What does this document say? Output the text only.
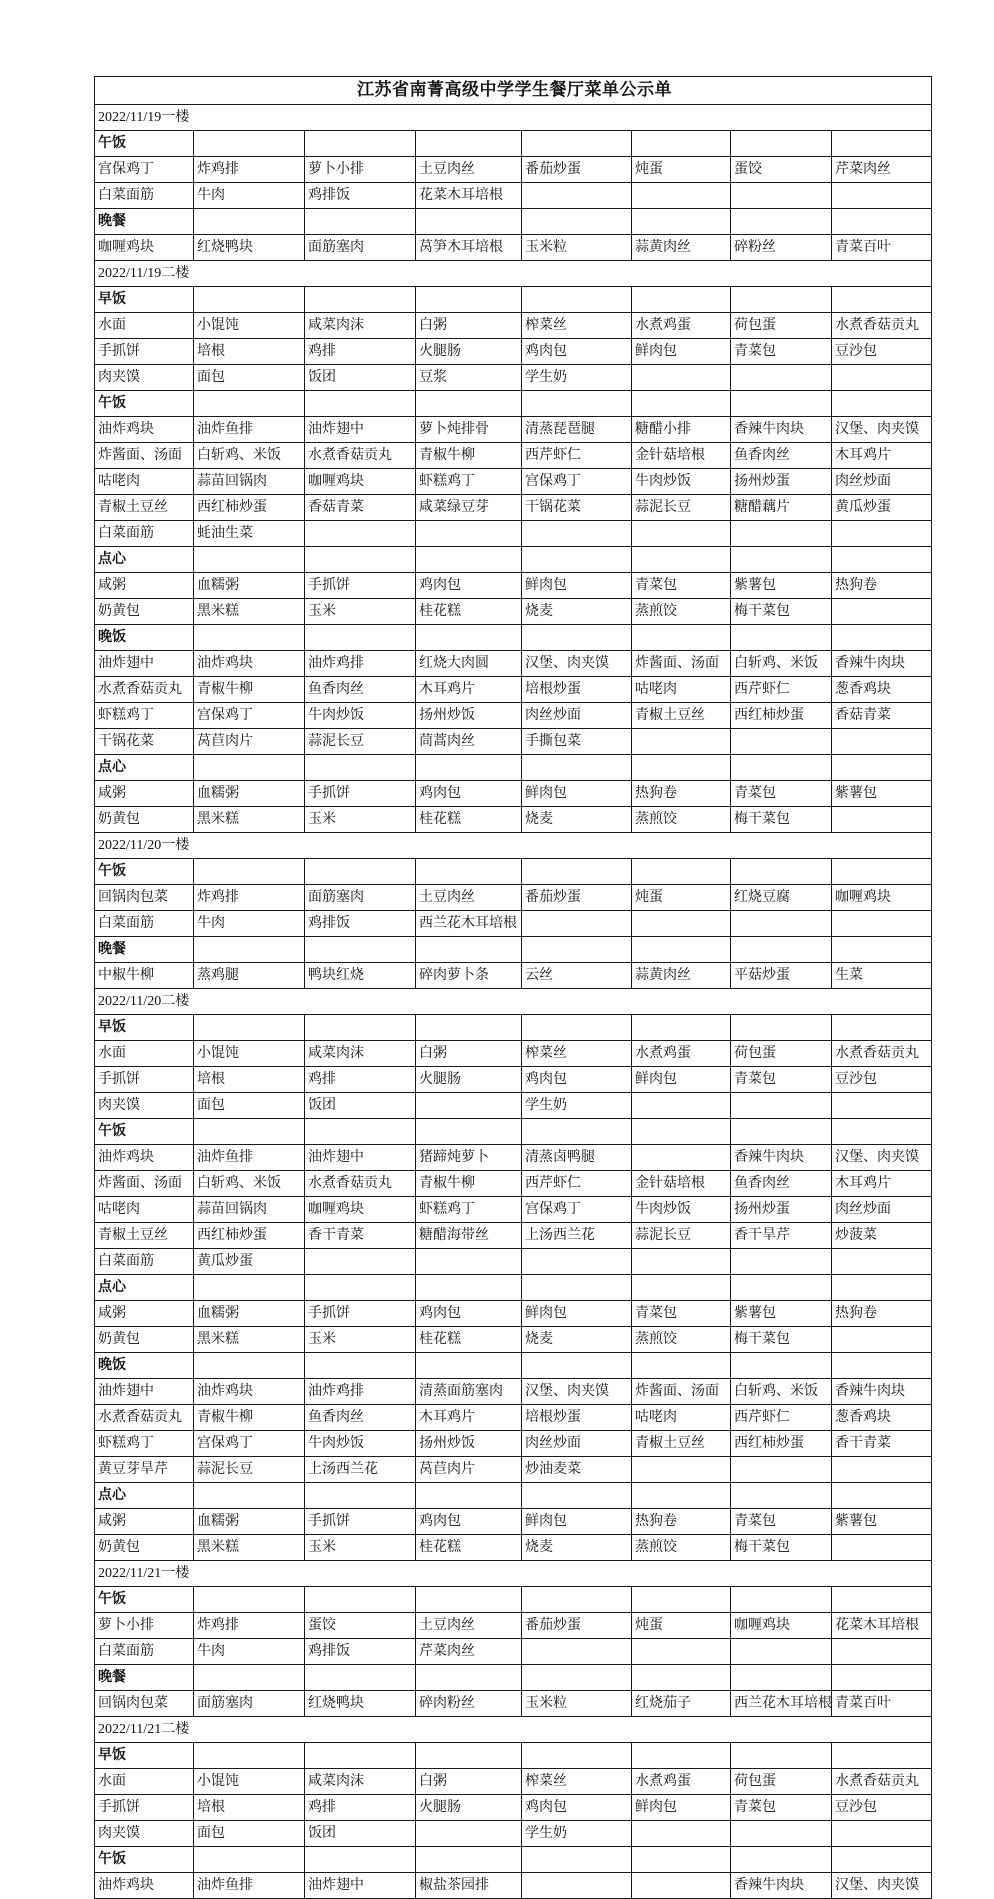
江苏省南菁高级中学学生餐厅菜单公示单							
2022/11/19一楼							
午饭							
宫保鸡丁	炸鸡排	萝卜小排	土豆肉丝	番茄炒蛋	炖蛋	蛋饺	芹菜肉丝
白菜面筋	牛肉	鸡排饭	花菜木耳培根				
晚餐							
咖喱鸡块	红烧鸭块	面筋塞肉	莴笋木耳培根	玉米粒	蒜黄肉丝	碎粉丝	青菜百叶
2022/11/19二楼							
早饭							
水面	小馄饨	咸菜肉沫	白粥	榨菜丝	水煮鸡蛋	荷包蛋	水煮香菇贡丸
手抓饼	培根	鸡排	火腿肠	鸡肉包	鲜肉包	青菜包	豆沙包
肉夹馍	面包	饭团	豆浆	学生奶			
午饭							
油炸鸡块	油炸鱼排	油炸翅中	萝卜炖排骨	清蒸琵琶腿	糖醋小排	香辣牛肉块	汉堡、肉夹馍
炸酱面、汤面	白斩鸡、米饭	水煮香菇贡丸	青椒牛柳	西芹虾仁	金针菇培根	鱼香肉丝	木耳鸡片
咕咾肉	蒜苗回锅肉	咖喱鸡块	虾糕鸡丁	宫保鸡丁	牛肉炒饭	扬州炒蛋	肉丝炒面
青椒土豆丝	西红柿炒蛋	香菇青菜	咸菜绿豆芽	干锅花菜	蒜泥长豆	糖醋藕片	黄瓜炒蛋
白菜面筋	蚝油生菜						
点心							
咸粥	血糯粥	手抓饼	鸡肉包	鲜肉包	青菜包	紫薯包	热狗卷
奶黄包	黑米糕	玉米	桂花糕	烧麦	蒸煎饺	梅干菜包	
晚饭							
油炸翅中	油炸鸡块	油炸鸡排	红烧大肉圆	汉堡、肉夹馍	炸酱面、汤面	白斩鸡、米饭	香辣牛肉块
水煮香菇贡丸	青椒牛柳	鱼香肉丝	木耳鸡片	培根炒蛋	咕咾肉	西芹虾仁	葱香鸡块
虾糕鸡丁	宫保鸡丁	牛肉炒饭	扬州炒饭	肉丝炒面	青椒土豆丝	西红柿炒蛋	香菇青菜
干锅花菜	莴苣肉片	蒜泥长豆	茼蒿肉丝	手撕包菜			
点心							
咸粥	血糯粥	手抓饼	鸡肉包	鲜肉包	热狗卷	青菜包	紫薯包
奶黄包	黑米糕	玉米	桂花糕	烧麦	蒸煎饺	梅干菜包	
2022/11/20一楼							
午饭							
回锅肉包菜	炸鸡排	面筋塞肉	土豆肉丝	番茄炒蛋	炖蛋	红烧豆腐	咖喱鸡块
白菜面筋	牛肉	鸡排饭	西兰花木耳培根				
晚餐							
中椒牛柳	蒸鸡腿	鸭块红烧	碎肉萝卜条	云丝	蒜黄肉丝	平菇炒蛋	生菜
2022/11/20二楼							
早饭							
水面	小馄饨	咸菜肉沫	白粥	榨菜丝	水煮鸡蛋	荷包蛋	水煮香菇贡丸
手抓饼	培根	鸡排	火腿肠	鸡肉包	鲜肉包	青菜包	豆沙包
肉夹馍	面包	饭团		学生奶			
午饭							
油炸鸡块	油炸鱼排	油炸翅中	猪蹄炖萝卜	清蒸卤鸭腿		香辣牛肉块	汉堡、肉夹馍
炸酱面、汤面	白斩鸡、米饭	水煮香菇贡丸	青椒牛柳	西芹虾仁	金针菇培根	鱼香肉丝	木耳鸡片
咕咾肉	蒜苗回锅肉	咖喱鸡块	虾糕鸡丁	宫保鸡丁	牛肉炒饭	扬州炒蛋	肉丝炒面
青椒土豆丝	西红柿炒蛋	香干青菜	糖醋海带丝	上汤西兰花	蒜泥长豆	香干旱芹	炒菠菜
白菜面筋	黄瓜炒蛋						
点心							
咸粥	血糯粥	手抓饼	鸡肉包	鲜肉包	青菜包	紫薯包	热狗卷
奶黄包	黑米糕	玉米	桂花糕	烧麦	蒸煎饺	梅干菜包	
晚饭							
油炸翅中	油炸鸡块	油炸鸡排	清蒸面筋塞肉	汉堡、肉夹馍	炸酱面、汤面	白斩鸡、米饭	香辣牛肉块
水煮香菇贡丸	青椒牛柳	鱼香肉丝	木耳鸡片	培根炒蛋	咕咾肉	西芹虾仁	葱香鸡块
虾糕鸡丁	宫保鸡丁	牛肉炒饭	扬州炒饭	肉丝炒面	青椒土豆丝	西红柿炒蛋	香干青菜
黄豆芽旱芹	蒜泥长豆	上汤西兰花	莴苣肉片	炒油麦菜			
点心							
咸粥	血糯粥	手抓饼	鸡肉包	鲜肉包	热狗卷	青菜包	紫薯包
奶黄包	黑米糕	玉米	桂花糕	烧麦	蒸煎饺	梅干菜包	
2022/11/21一楼							
午饭							
萝卜小排	炸鸡排	蛋饺	土豆肉丝	番茄炒蛋	炖蛋	咖喱鸡块	花菜木耳培根
白菜面筋	牛肉	鸡排饭	芹菜肉丝				
晚餐							
回锅肉包菜	面筋塞肉	红烧鸭块	碎肉粉丝	玉米粒	红烧茄子	西兰花木耳培根	青菜百叶
2022/11/21二楼							
早饭							
水面	小馄饨	咸菜肉沫	白粥	榨菜丝	水煮鸡蛋	荷包蛋	水煮香菇贡丸
手抓饼	培根	鸡排	火腿肠	鸡肉包	鲜肉包	青菜包	豆沙包
肉夹馍	面包	饭团		学生奶			
午饭							
油炸鸡块	油炸鱼排	油炸翅中	椒盐茶园排			香辣牛肉块	汉堡、肉夹馍
